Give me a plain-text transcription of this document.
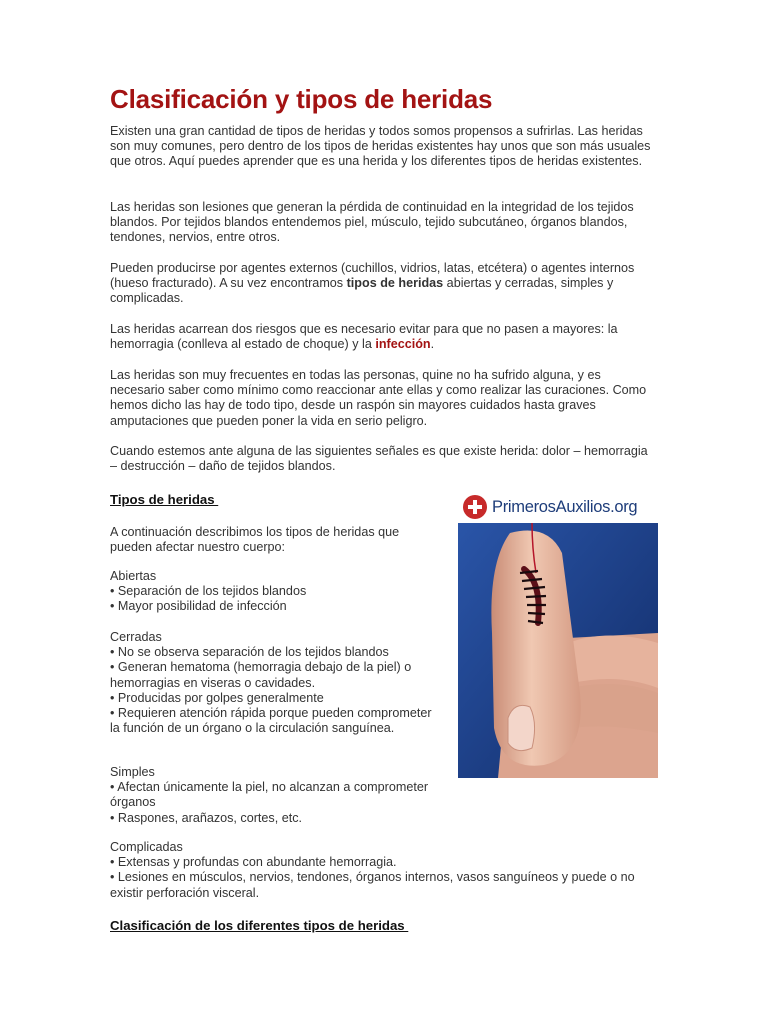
Clasificación y tipos de heridas

Existen una gran cantidad de tipos de heridas y todos somos propensos a sufrirlas. Las heridas son muy comunes, pero dentro de los tipos de heridas existentes hay unos que son más usuales que otros. Aquí puedes aprender que es una herida y los diferentes tipos de heridas existentes.

Las heridas son lesiones que generan la pérdida de continuidad en la integridad de los tejidos blandos. Por tejidos blandos entendemos piel, músculo, tejido subcutáneo, órganos blandos, tendones, nervios, entre otros.

Pueden producirse por agentes externos (cuchillos, vidrios, latas, etcétera) o agentes internos (hueso fracturado). A su vez encontramos tipos de heridas abiertas y cerradas, simples y complicadas.

Las heridas acarrean dos riesgos que es necesario evitar para que no pasen a mayores: la hemorragia (conlleva al estado de choque) y la infección.

Las heridas son muy frecuentes en todas las personas, quine no ha sufrido alguna, y es necesario saber como mínimo como reaccionar ante ellas y como realizar las curaciones. Como hemos dicho las hay de todo tipo, desde un raspón sin mayores cuidados hasta graves amputaciones que pueden poner la vida en serio peligro.

Cuando estemos ante alguna de las siguientes señales es que existe herida: dolor – hemorragia – destrucción – daño de tejidos blandos.

Tipos de heridas

A continuación describimos los tipos de heridas que pueden afectar nuestro cuerpo:

Abiertas
• Separación de los tejidos blandos
• Mayor posibilidad de infección
Cerradas
• No se observa separación de los tejidos blandos
• Generan hematoma (hemorragia debajo de la piel) o hemorragias en viseras o cavidades.
• Producidas por golpes generalmente
• Requieren atención rápida porque pueden comprometer la función de un órgano o la circulación sanguínea.
Simples
• Afectan únicamente la piel, no alcanzan a comprometer órganos
• Raspones, arañazos, cortes, etc.
Complicadas
• Extensas y profundas con abundante hemorragia.
• Lesiones en músculos, nervios, tendones, órganos internos, vasos sanguíneos y puede o no existir perforación visceral.
Clasificación de los diferentes tipos de heridas
PrimerosAuxilios.org
